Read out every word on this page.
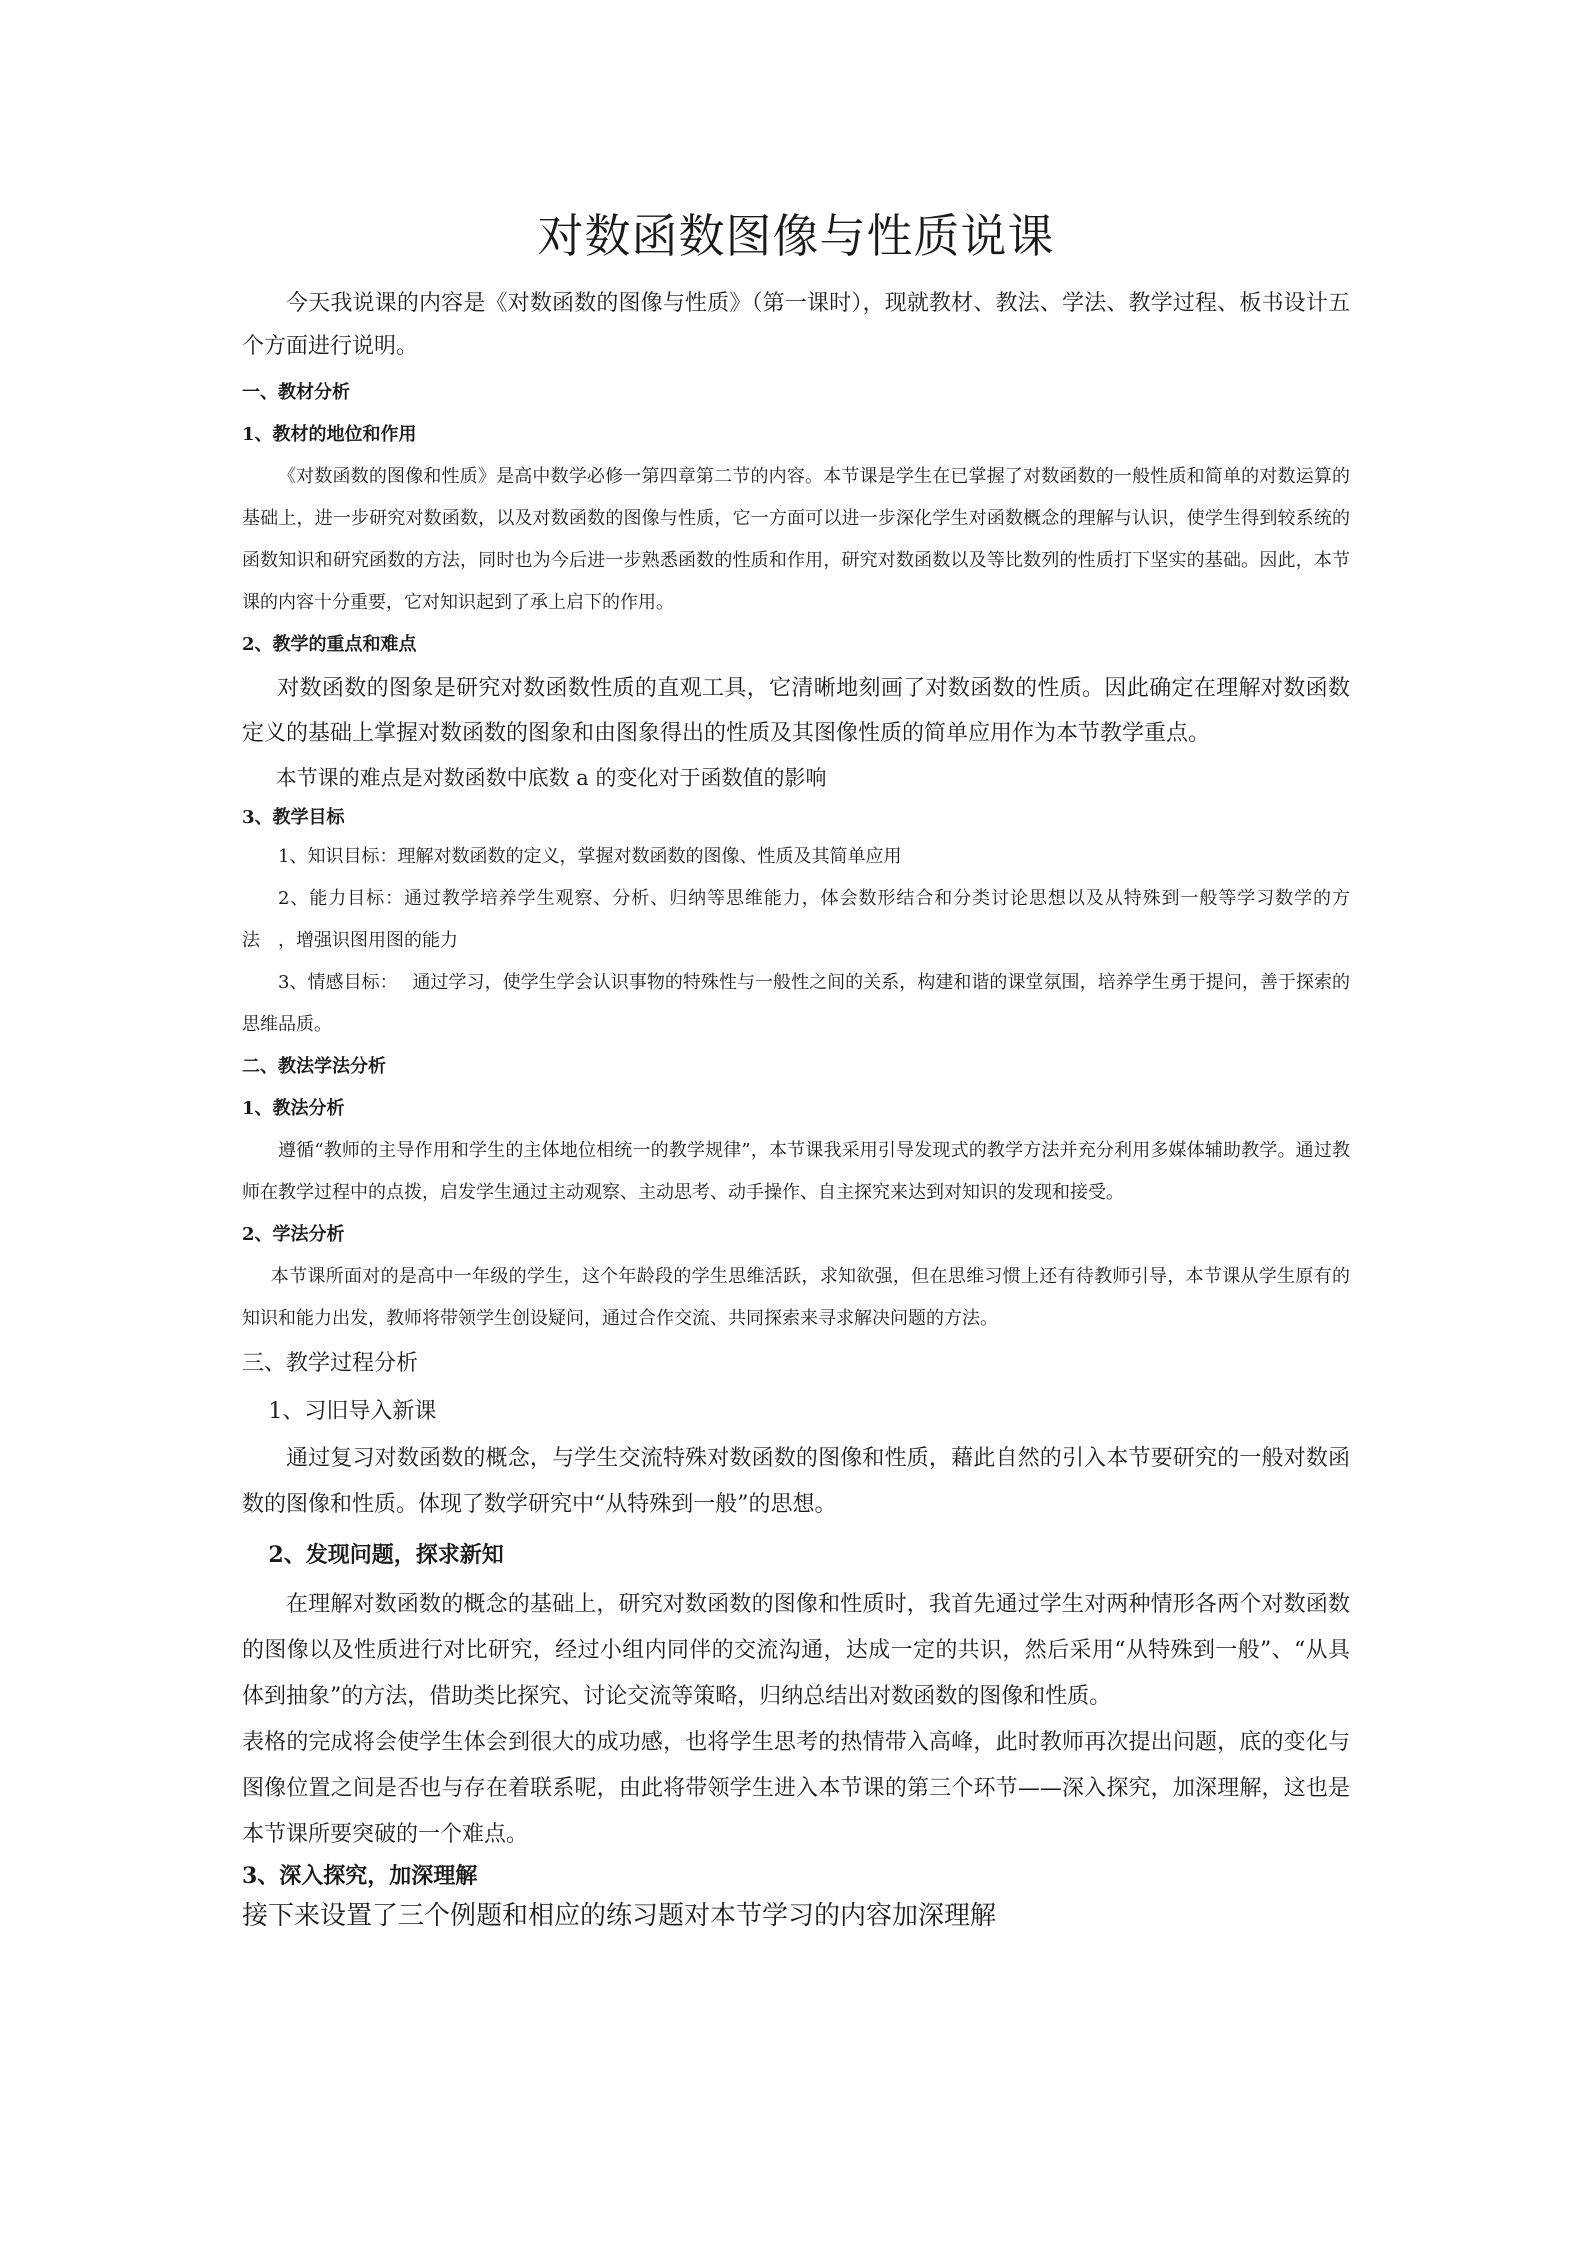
对数函数图像与性质说课

今天我说课的内容是《对数函数的图像与性质》（第一课时），现就教材、教法、学法、教学过程、板书设计五个方面进行说明。

一、教材分析

1、教材的地位和作用

《对数函数的图像和性质》是高中数学必修一第四章第二节的内容。本节课是学生在已掌握了对数函数的一般性质和简单的对数运算的基础上，进一步研究对数函数，以及对数函数的图像与性质，它一方面可以进一步深化学生对函数概念的理解与认识，使学生得到较系统的函数知识和研究函数的方法，同时也为今后进一步熟悉函数的性质和作用，研究对数函数以及等比数列的性质打下坚实的基础。因此，本节课的内容十分重要，它对知识起到了承上启下的作用。

2、教学的重点和难点

对数函数的图象是研究对数函数性质的直观工具，它清晰地刻画了对数函数的性质。因此确定在理解对数函数定义的基础上掌握对数函数的图象和由图象得出的性质及其图像性质的简单应用作为本节教学重点。

本节课的难点是对数函数中底数 a 的变化对于函数值的影响

3、教学目标

1、知识目标：理解对数函数的定义，掌握对数函数的图像、性质及其简单应用

2、能力目标：通过教学培养学生观察、分析、归纳等思维能力，体会数形结合和分类讨论思想以及从特殊到一般等学习数学的方法　，增强识图用图的能力

3、情感目标：　 通过学习，使学生学会认识事物的特殊性与一般性之间的关系，构建和谐的课堂氛围，培养学生勇于提问，善于探索的思维品质。

二、教法学法分析

1、教法分析

遵循“教师的主导作用和学生的主体地位相统一的教学规律”，本节课我采用引导发现式的教学方法并充分利用多媒体辅助教学。通过教师在教学过程中的点拨，启发学生通过主动观察、主动思考、动手操作、自主探究来达到对知识的发现和接受。

2、学法分析

本节课所面对的是高中一年级的学生，这个年龄段的学生思维活跃，求知欲强，但在思维习惯上还有待教师引导，本节课从学生原有的知识和能力出发，教师将带领学生创设疑问，通过合作交流、共同探索来寻求解决问题的方法。

三、教学过程分析

1、习旧导入新课

通过复习对数函数的概念，与学生交流特殊对数函数的图像和性质，藉此自然的引入本节要研究的一般对数函数的图像和性质。体现了数学研究中“从特殊到一般”的思想。

2、发现问题，探求新知

在理解对数函数的概念的基础上，研究对数函数的图像和性质时，我首先通过学生对两种情形各两个对数函数的图像以及性质进行对比研究，经过小组内同伴的交流沟通，达成一定的共识，然后采用“从特殊到一般”、“从具体到抽象”的方法，借助类比探究、讨论交流等策略，归纳总结出对数函数的图像和性质。

表格的完成将会使学生体会到很大的成功感，也将学生思考的热情带入高峰，此时教师再次提出问题，底的变化与图像位置之间是否也与存在着联系呢，由此将带领学生进入本节课的第三个环节——深入探究，加深理解，这也是本节课所要突破的一个难点。

3、深入探究，加深理解

接下来设置了三个例题和相应的练习题对本节学习的内容加深理解
